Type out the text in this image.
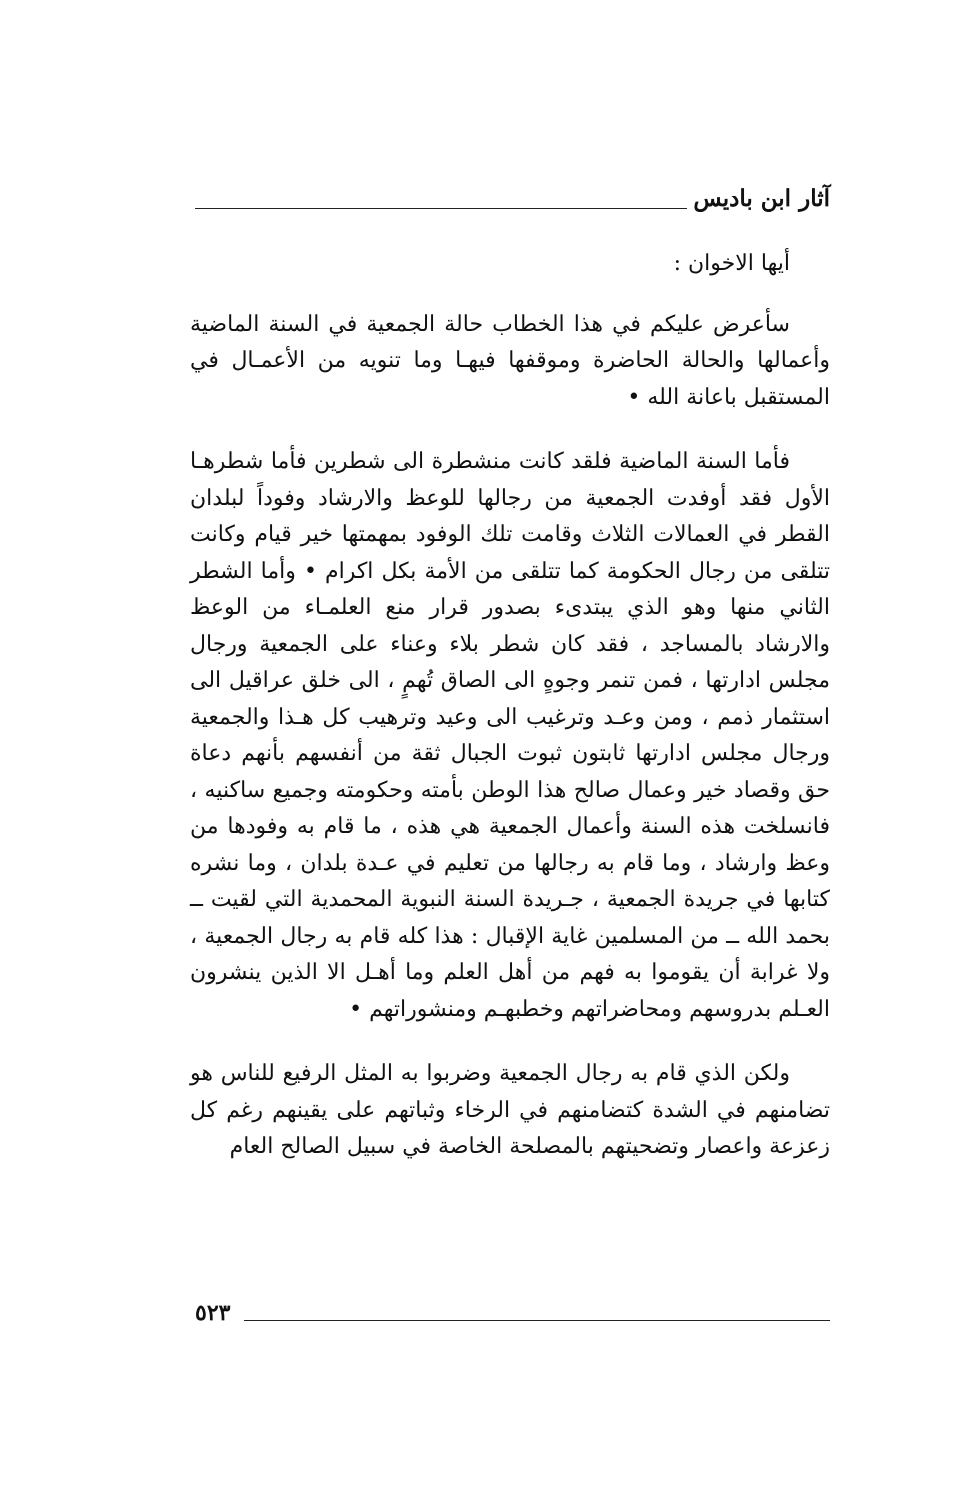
آثار ابن باديس

أيها الاخوان :

سأعرض عليكم في هذا الخطاب حالة الجمعية في السنة الماضية وأعمالها والحالة الحاضرة وموقفها فيهـا وما تنويه من الأعمـال في المستقبل باعانة الله •

فأما السنة الماضية فلقد كانت منشطرة الى شطرين فأما شطرهـا الأول فقد أوفدت الجمعية من رجالها للوعظ والارشاد وفوداً لبلدان القطر في العمالات الثلاث وقامت تلك الوفود بمهمتها خير قيام وكانت تتلقى من رجال الحكومة كما تتلقى من الأمة بكل اكرام • وأما الشطر الثاني منها وهو الذي يبتدىء بصدور قرار منع العلمـاء من الوعظ والارشاد بالمساجد ، فقد كان شطر بلاء وعناء على الجمعية ورجال مجلس ادارتها ، فمن تنمر وجوهٍ الى الصاق تُهمٍ ، الى خلق عراقيل الى استثمار ذمم ، ومن وعـد وترغيب الى وعيد وترهيب كل هـذا والجمعية ورجال مجلس ادارتها ثابتون ثبوت الجبال ثقة من أنفسهم بأنهم دعاة حق وقصاد خير وعمال صالح هذا الوطن بأمته وحكومته وجميع ساكنيه ، فانسلخت هذه السنة وأعمال الجمعية هي هذه ، ما قام به وفودها من وعظ وارشاد ، وما قام به رجالها من تعليم في عـدة بلدان ، وما نشره كتابها في جريدة الجمعية ، جـريدة السنة النبوية المحمدية التي لقيت ــ بحمد الله ــ من المسلمين غاية الإقبال : هذا كله قام به رجال الجمعية ، ولا غرابة أن يقوموا به فهم من أهل العلم وما أهـل الا الذين ينشرون العـلم بدروسهم ومحاضراتهم وخطبهـم ومنشوراتهم •

ولكن الذي قام به رجال الجمعية وضربوا به المثل الرفيع للناس هو تضامنهم في الشدة كتضامنهم في الرخاء وثباتهم على يقينهم رغم كل زعزعة واعصار وتضحيتهم بالمصلحة الخاصة في سبيل الصالح العام

٥٢٣
